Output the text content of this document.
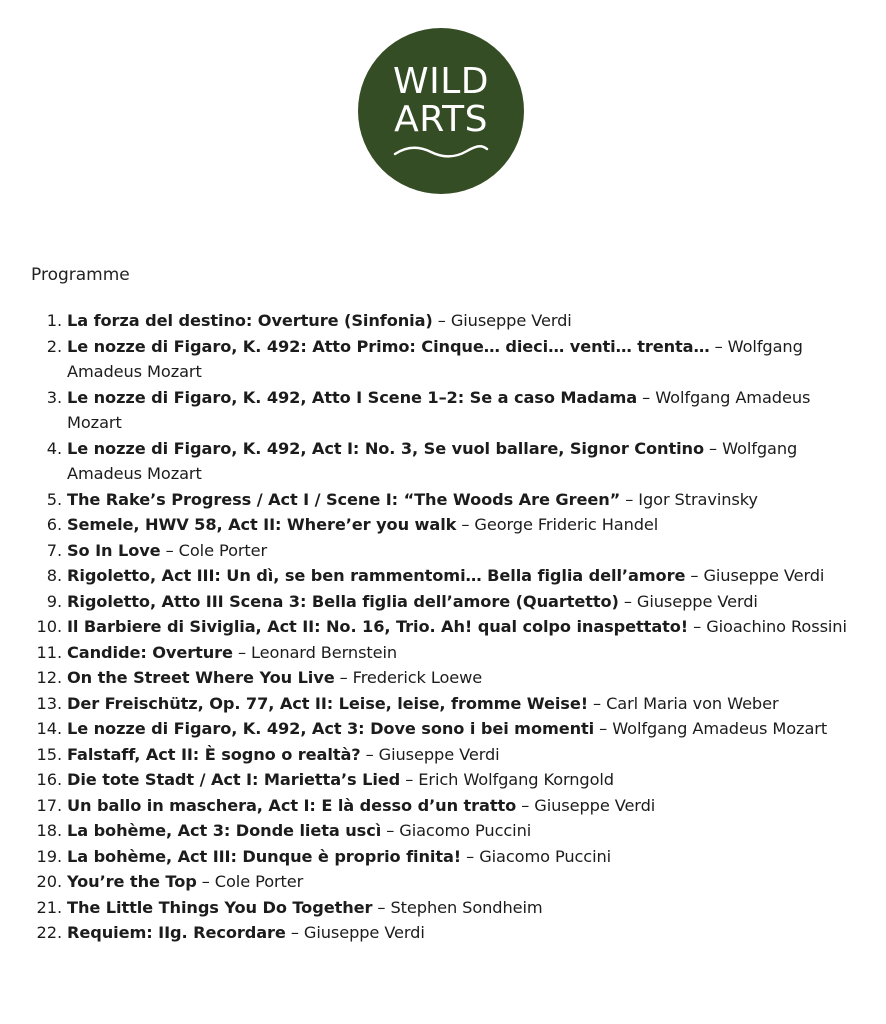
WILD
ARTS
Programme
1. La forza del destino: Overture (Sinfonia) – Giuseppe Verdi
2. Le nozze di Figaro, K. 492: Atto Primo: Cinque… dieci… venti… trenta… – Wolfgang Amadeus Mozart
3. Le nozze di Figaro, K. 492, Atto I Scene 1–2: Se a caso Madama – Wolfgang Amadeus Mozart
4. Le nozze di Figaro, K. 492, Act I: No. 3, Se vuol ballare, Signor Contino – Wolfgang Amadeus Mozart
5. The Rake’s Progress / Act I / Scene I: “The Woods Are Green” – Igor Stravinsky
6. Semele, HWV 58, Act II: Where’er you walk – George Frideric Handel
7. So In Love – Cole Porter
8. Rigoletto, Act III: Un dì, se ben rammentomi… Bella figlia dell’amore – Giuseppe Verdi
9. Rigoletto, Atto III Scena 3: Bella figlia dell’amore (Quartetto) – Giuseppe Verdi
10. Il Barbiere di Siviglia, Act II: No. 16, Trio. Ah! qual colpo inaspettato! – Gioachino Rossini
11. Candide: Overture – Leonard Bernstein
12. On the Street Where You Live – Frederick Loewe
13. Der Freischütz, Op. 77, Act II: Leise, leise, fromme Weise! – Carl Maria von Weber
14. Le nozze di Figaro, K. 492, Act 3: Dove sono i bei momenti – Wolfgang Amadeus Mozart
15. Falstaff, Act II: È sogno o realtà? – Giuseppe Verdi
16. Die tote Stadt / Act I: Marietta’s Lied – Erich Wolfgang Korngold
17. Un ballo in maschera, Act I: E là desso d’un tratto – Giuseppe Verdi
18. La bohème, Act 3: Donde lieta uscì – Giacomo Puccini
19. La bohème, Act III: Dunque è proprio finita! – Giacomo Puccini
20. You’re the Top – Cole Porter
21. The Little Things You Do Together – Stephen Sondheim
22. Requiem: IIg. Recordare – Giuseppe Verdi
